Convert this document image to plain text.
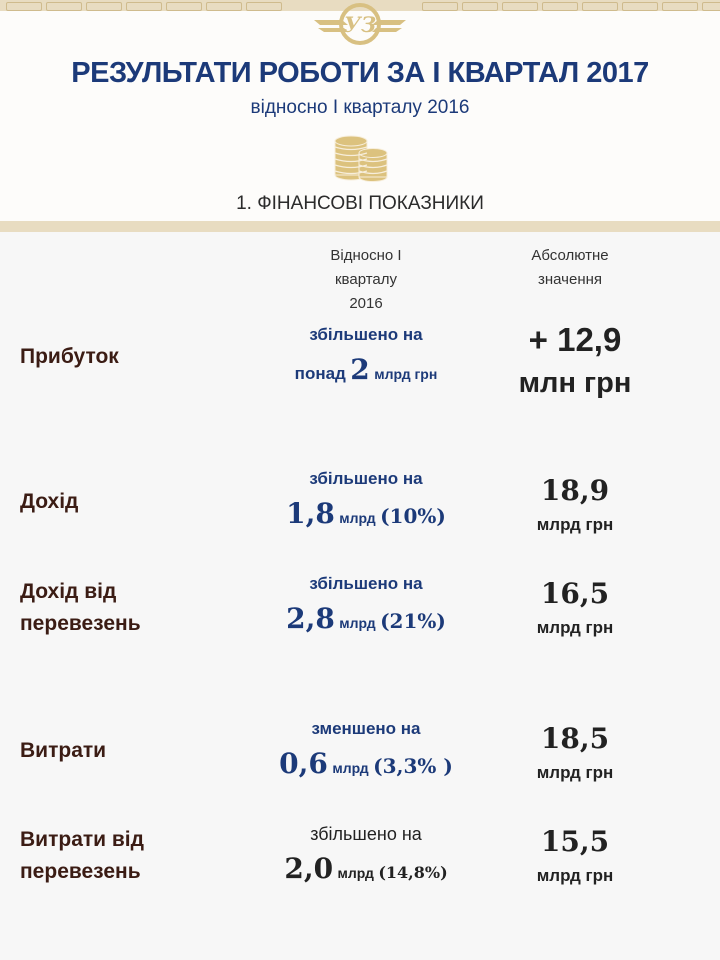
УЗ
РЕЗУЛЬТАТИ РОБОТИ ЗА І КВАРТАЛ 2017
відносно І кварталу 2016
1. ФІНАНСОВІ ПОКАЗНИКИ
Відносно І
кварталу
2016
Абсолютне
значення
Прибуток
збільшено на
понад 2 млрд грн
+ 12,9
млн грн
Дохід
збільшено на
1,8 млрд (10%)
18,9
млрд грн
Дохід від
перевезень
збільшено на
2,8 млрд (21%)
16,5
млрд грн
Витрати
зменшено на
0,6 млрд (3,3% )
18,5
млрд грн
Витрати від
перевезень
збільшено на
2,0 млрд (14,8%)
15,5
млрд грн
